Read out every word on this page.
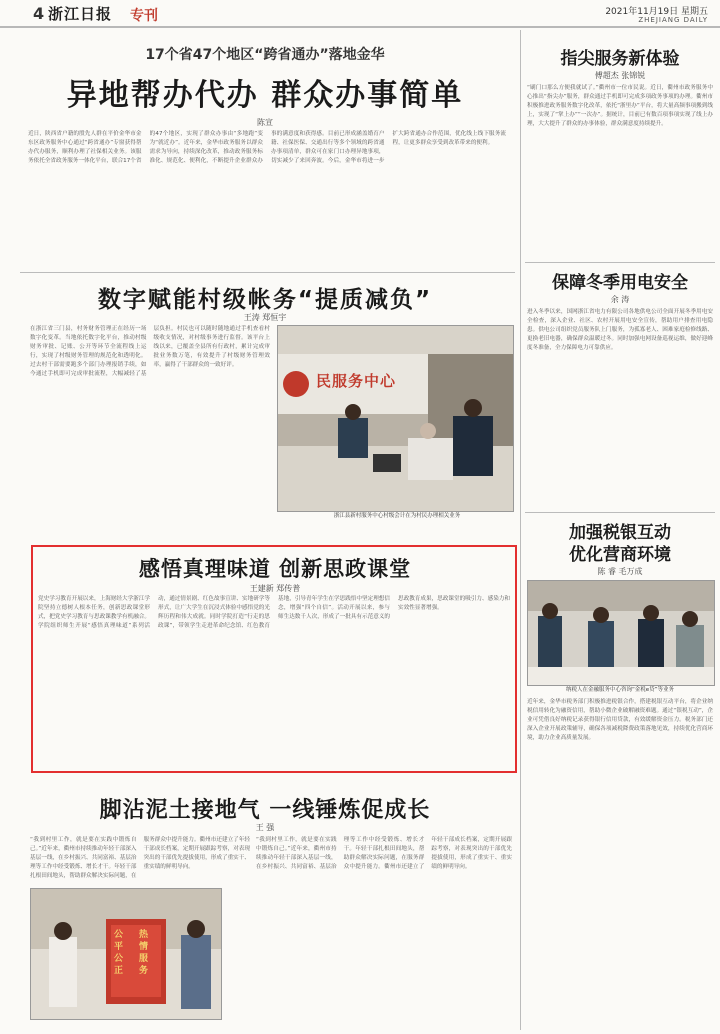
4 浙江日报 专刊	2021年11月19日 星期五
ZHEJIANG DAILY
17个省47个地区“跨省通办”落地金华
异地帮办代办 群众办事简单
陈宣
近日，陕西省户籍的殷先人群在平价金华市金东区政务服务中心通过“跨省通办”专窗获得帮办代办服务，顺利办理了社保相关业务。该服务依托全省政务服务一体化平台，联合17个省的47个地区，实现了群众办事由“多地跑”变为“就近办”。近年来，金华市政务服务以群众需求为导向，持续深化改革，推动政务服务标准化、规范化、便利化，不断提升企业群众办事的满意度和获得感。目前已形成涵盖婚育户籍、社保医保、交通出行等多个领域的跨省通办事项清单，群众可在家门口办理异地事项，切实减少了来回奔波。今后，金华市将进一步扩大跨省通办合作范围，优化线上线下服务流程，让更多群众享受到改革带来的便利。
数字赋能村级帐务“提质减负”
王涛 郑恒宇
在浙江省三门县，村务财务管理正在经历一场数字化变革。当地依托数字化平台，推动村级财务审批、记账、公开等环节全流程线上运行，实现了村级财务管理的规范化和透明化。过去村干部需要跑多个部门办理报销手续，如今通过手机即可完成审批流程，大幅减轻了基层负担。村民也可以随时随地通过手机查看村级收支情况，对村级事务进行监督。该平台上线以来，已覆盖全县所有行政村，累计完成审批业务数万笔，有效提升了村级财务管理效率，赢得了干部群众的一致好评。
民服务中心
浙江县新村服务中心村级会计在为村民办理相关业务
感悟真理味道 创新思政课堂
王建新 郑传普
党史学习教育开展以来，上海财经大学浙江学院坚持立德树人根本任务，创新思政课堂形式，把党史学习教育与思政课教学有机融合。学院组织师生开展“感悟真理味道”系列活动，通过情景剧、红色故事宣讲、实地研学等形式，让广大学生在沉浸式体验中感悟党的光辉历程和伟大成就。同时学院打造“行走的思政课”，带领学生走进革命纪念馆、红色教育基地，引导青年学生在学思践悟中坚定理想信念，增强“四个自信”。活动开展以来，参与师生达数千人次，形成了一批具有示范意义的思政教育成果，思政课堂的吸引力、感染力和实效性显著增强。
脚沾泥土接地气 一线锤炼促成长
王 强
“我到村里工作，就是要在实践中锻炼自己。”近年来，衢州市持续推动年轻干部深入基层一线，在乡村振兴、共同富裕、基层治理等工作中经受锻炼、增长才干。年轻干部扎根田间地头，帮助群众解决实际问题，在服务群众中提升能力。衢州市还建立了年轻干部成长档案，定期开展跟踪考察，对表现突出的干部优先提拔使用，形成了重实干、重实绩的鲜明导向。
公 平 公 正
热 情 服 务
“我到村里工作，就是要在实践中锻炼自己。”近年来，衢州市持续推动年轻干部深入基层一线，在乡村振兴、共同富裕、基层治理等工作中经受锻炼、增长才干。年轻干部扎根田间地头，帮助群众解决实际问题，在服务群众中提升能力。衢州市还建立了年轻干部成长档案，定期开展跟踪考察，对表现突出的干部优先提拔使用，形成了重实干、重实绩的鲜明导向。
指尖服务新体验
傅超杰 张锦锐
“刷门口那么方便我就试了。”衢州市一位市民说。近日，衢州市政务服务中心推出“指尖办”服务，群众通过手机即可完成多项政务事项的办理。衢州市积极推进政务服务数字化改革，依托“浙里办”平台，将大量高频事项搬到线上，实现了“掌上办”“一次办”。据统计，目前已有数百项事项实现了线上办理，大大提升了群众的办事体验，群众满意度持续提升。
保障冬季用电安全
余 涛
进入冬季以来，国网浙江省电力有限公司各地供电公司全面开展冬季用电安全检查，深入企业、社区、农村开展用电安全宣传，帮助用户排查用电隐患。供电公司组织党员服务队上门服务，为孤寡老人、困难家庭检修线路、更换老旧电器，确保群众温暖过冬。同时加强电网设备巡视运维，做好迎峰度冬准备，全力保障电力可靠供应。
加强税银互动
优化营商环境
陈 睿 毛万成
纳税人在金融服务中心咨询“金税e贷”等业务
近年来，金华市税务部门积极推进税银合作，搭建税银互动平台，将企业纳税信用转化为融资信用，帮助小微企业破解融资难题。通过“银税互动”，企业可凭借良好纳税记录获得银行信用贷款，有效缓解资金压力。税务部门还深入企业开展政策辅导，确保各项减税降费政策落地见效，持续优化营商环境，助力企业高质量发展。
